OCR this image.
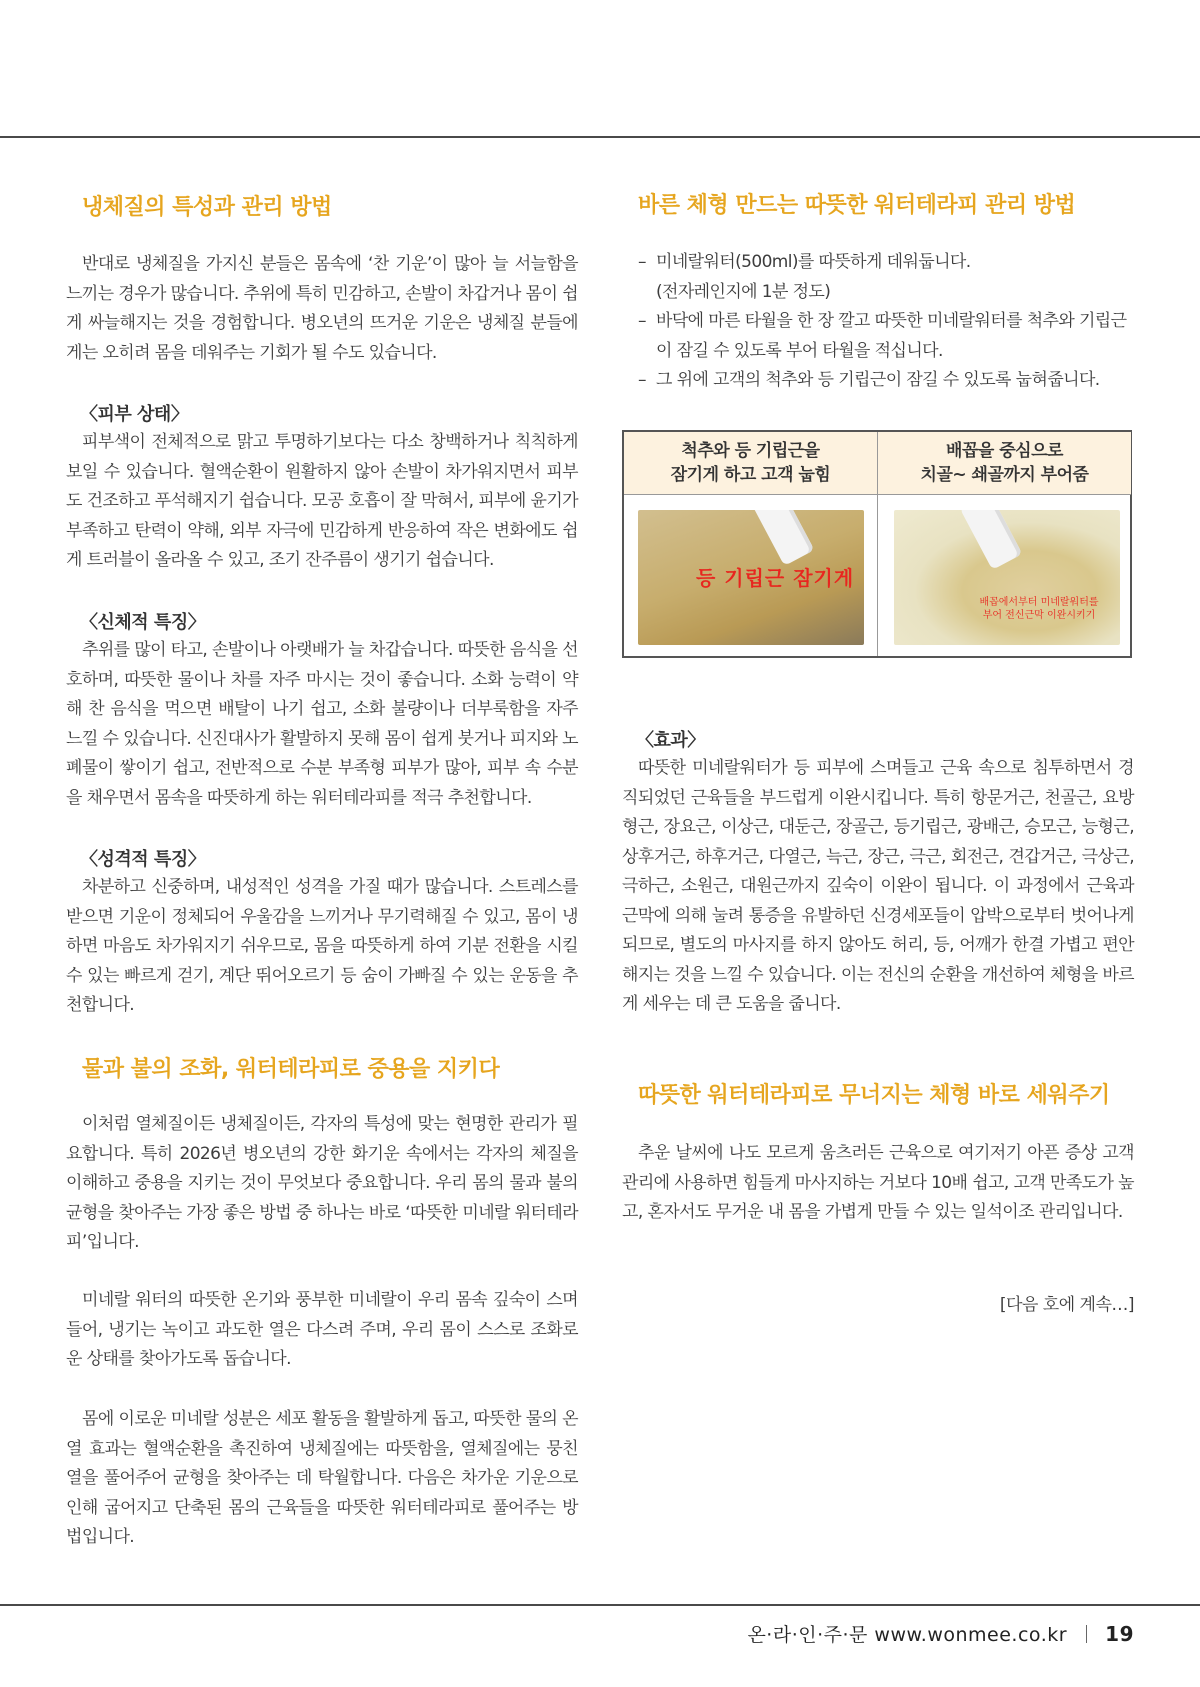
냉체질의 특성과 관리 방법

반대로 냉체질을 가지신 분들은 몸속에 ‘찬 기운’이 많아 늘 서늘함을 느끼는 경우가 많습니다. 추위에 특히 민감하고, 손발이 차갑거나 몸이 쉽게 싸늘해지는 것을 경험합니다. 병오년의 뜨거운 기운은 냉체질 분들에게는 오히려 몸을 데워주는 기회가 될 수도 있습니다.

〈피부 상태〉

피부색이 전체적으로 맑고 투명하기보다는 다소 창백하거나 칙칙하게 보일 수 있습니다. 혈액순환이 원활하지 않아 손발이 차가워지면서 피부도 건조하고 푸석해지기 쉽습니다. 모공 호흡이 잘 막혀서, 피부에 윤기가 부족하고 탄력이 약해, 외부 자극에 민감하게 반응하여 작은 변화에도 쉽게 트러블이 올라올 수 있고, 조기 잔주름이 생기기 쉽습니다.

〈신체적 특징〉

추위를 많이 타고, 손발이나 아랫배가 늘 차갑습니다. 따뜻한 음식을 선호하며, 따뜻한 물이나 차를 자주 마시는 것이 좋습니다. 소화 능력이 약해 찬 음식을 먹으면 배탈이 나기 쉽고, 소화 불량이나 더부룩함을 자주 느낄 수 있습니다. 신진대사가 활발하지 못해 몸이 쉽게 붓거나 피지와 노폐물이 쌓이기 쉽고, 전반적으로 수분 부족형 피부가 많아, 피부 속 수분을 채우면서 몸속을 따뜻하게 하는 워터테라피를 적극 추천합니다.

〈성격적 특징〉

차분하고 신중하며, 내성적인 성격을 가질 때가 많습니다. 스트레스를 받으면 기운이 정체되어 우울감을 느끼거나 무기력해질 수 있고, 몸이 냉하면 마음도 차가워지기 쉬우므로, 몸을 따뜻하게 하여 기분 전환을 시킬 수 있는 빠르게 걷기, 계단 뛰어오르기 등 숨이 가빠질 수 있는 운동을 추천합니다.

물과 불의 조화, 워터테라피로 중용을 지키다

이처럼 열체질이든 냉체질이든, 각자의 특성에 맞는 현명한 관리가 필요합니다. 특히 2026년 병오년의 강한 화기운 속에서는 각자의 체질을 이해하고 중용을 지키는 것이 무엇보다 중요합니다. 우리 몸의 물과 불의 균형을 찾아주는 가장 좋은 방법 중 하나는 바로 ‘따뜻한 미네랄 워터테라피’입니다.

미네랄 워터의 따뜻한 온기와 풍부한 미네랄이 우리 몸속 깊숙이 스며들어, 냉기는 녹이고 과도한 열은 다스려 주며, 우리 몸이 스스로 조화로운 상태를 찾아가도록 돕습니다.

몸에 이로운 미네랄 성분은 세포 활동을 활발하게 돕고, 따뜻한 물의 온열 효과는 혈액순환을 촉진하여 냉체질에는 따뜻함을, 열체질에는 뭉친 열을 풀어주어 균형을 찾아주는 데 탁월합니다. 다음은 차가운 기운으로 인해 굽어지고 단축된 몸의 근육들을 따뜻한 워터테라피로 풀어주는 방법입니다.

바른 체형 만드는 따뜻한 워터테라피 관리 방법
– 미네랄워터(500ml)를 따뜻하게 데워둡니다.
(전자레인지에 1분 정도)
– 바닥에 마른 타월을 한 장 깔고 따뜻한 미네랄워터를 척추와 기립근이 잠길 수 있도록 부어 타월을 적십니다.
– 그 위에 고객의 척추와 등 기립근이 잠길 수 있도록 눕혀줍니다.
척추와 등 기립근을
잠기게 하고 고객 눕힘
배꼽을 중심으로
치골~ 쇄골까지 부어줌
등 기립근 잠기게
배꼽에서부터 미네랄워터를
부어 전신근막 이완시키기
〈효과〉

따뜻한 미네랄워터가 등 피부에 스며들고 근육 속으로 침투하면서 경직되었던 근육들을 부드럽게 이완시킵니다. 특히 항문거근, 천골근, 요방형근, 장요근, 이상근, 대둔근, 장골근, 등기립근, 광배근, 승모근, 능형근, 상후거근, 하후거근, 다열근, 늑근, 장근, 극근, 회전근, 견갑거근, 극상근, 극하근, 소원근, 대원근까지 깊숙이 이완이 됩니다. 이 과정에서 근육과 근막에 의해 눌려 통증을 유발하던 신경세포들이 압박으로부터 벗어나게 되므로, 별도의 마사지를 하지 않아도 허리, 등, 어깨가 한결 가볍고 편안해지는 것을 느낄 수 있습니다. 이는 전신의 순환을 개선하여 체형을 바르게 세우는 데 큰 도움을 줍니다.

따뜻한 워터테라피로 무너지는 체형 바로 세워주기

추운 날씨에 나도 모르게 움츠러든 근육으로 여기저기 아픈 증상 고객관리에 사용하면 힘들게 마사지하는 거보다 10배 쉽고, 고객 만족도가 높고, 혼자서도 무거운 내 몸을 가볍게 만들 수 있는 일석이조 관리입니다.

[다음 호에 계속…]

온·라·인·주·문 www.wonmee.co.kr 19
